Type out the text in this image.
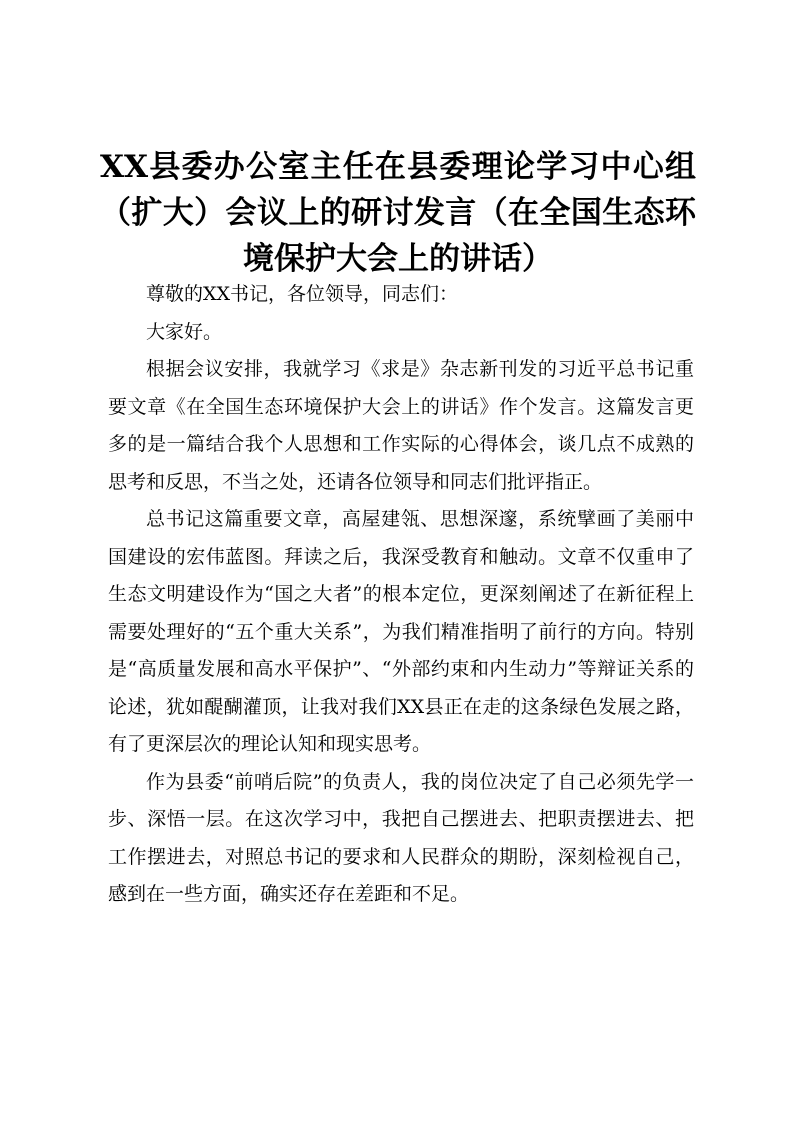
XX县委办公室主任在县委理论学习中心组（扩大）会议上的研讨发言（在全国生态环境保护大会上的讲话）

尊敬的XX书记，各位领导，同志们：

大家好。

根据会议安排，我就学习《求是》杂志新刊发的习近平总书记重要文章《在全国生态环境保护大会上的讲话》作个发言。这篇发言更多的是一篇结合我个人思想和工作实际的心得体会，谈几点不成熟的思考和反思，不当之处，还请各位领导和同志们批评指正。

总书记这篇重要文章，高屋建瓴、思想深邃，系统擘画了美丽中国建设的宏伟蓝图。拜读之后，我深受教育和触动。文章不仅重申了生态文明建设作为“国之大者”的根本定位，更深刻阐述了在新征程上需要处理好的“五个重大关系”，为我们精准指明了前行的方向。特别是“高质量发展和高水平保护”、“外部约束和内生动力”等辩证关系的论述，犹如醍醐灌顶，让我对我们XX县正在走的这条绿色发展之路，有了更深层次的理论认知和现实思考。

作为县委“前哨后院”的负责人，我的岗位决定了自己必须先学一步、深悟一层。在这次学习中，我把自己摆进去、把职责摆进去、把工作摆进去，对照总书记的要求和人民群众的期盼，深刻检视自己，感到在一些方面，确实还存在差距和不足。
